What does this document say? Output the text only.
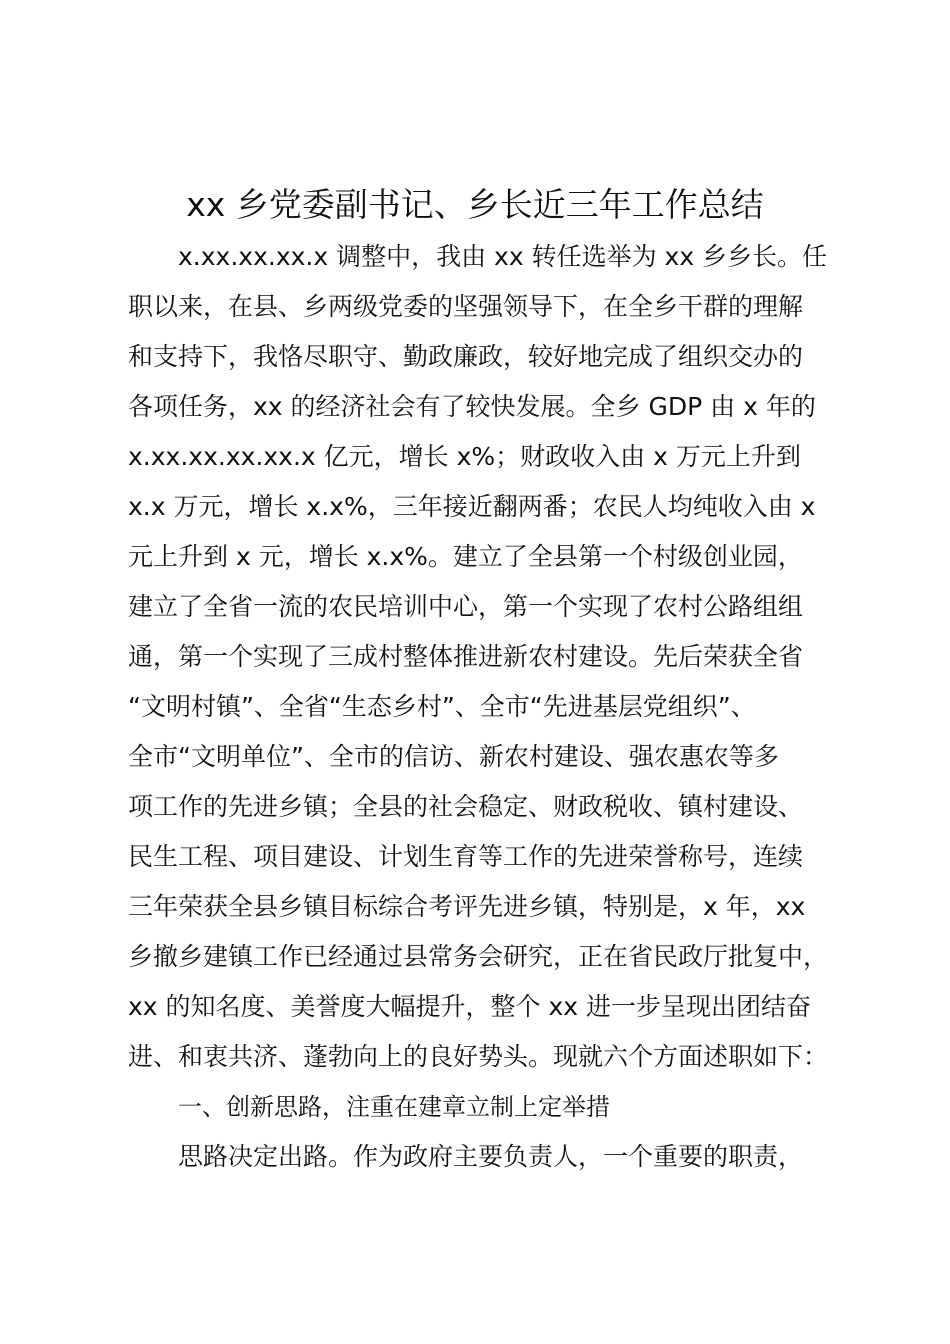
xx 乡党委副书记、乡长近三年工作总结
x.xx.xx.xx.x 调整中，我由 xx 转任选举为 xx 乡乡长。任
职以来，在县、乡两级党委的坚强领导下，在全乡干群的理解
和支持下，我恪尽职守、勤政廉政，较好地完成了组织交办的
各项任务，xx 的经济社会有了较快发展。全乡 GDP 由 x 年的
x.xx.xx.xx.xx.x 亿元，增长 x%；财政收入由 x 万元上升到
x.x 万元，增长 x.x%，三年接近翻两番；农民人均纯收入由 x
元上升到 x 元，增长 x.x%。建立了全县第一个村级创业园，
建立了全省一流的农民培训中心，第一个实现了农村公路组组
通，第一个实现了三成村整体推进新农村建设。先后荣获全省
“文明村镇”、全省“生态乡村”、全市“先进基层党组织”、
全市“文明单位”、全市的信访、新农村建设、强农惠农等多
项工作的先进乡镇；全县的社会稳定、财政税收、镇村建设、
民生工程、项目建设、计划生育等工作的先进荣誉称号，连续
三年荣获全县乡镇目标综合考评先进乡镇，特别是，x 年，xx
乡撤乡建镇工作已经通过县常务会研究，正在省民政厅批复中，
xx 的知名度、美誉度大幅提升，整个 xx 进一步呈现出团结奋
进、和衷共济、蓬勃向上的良好势头。现就六个方面述职如下：
一、创新思路，注重在建章立制上定举措
思路决定出路。作为政府主要负责人，一个重要的职责，
